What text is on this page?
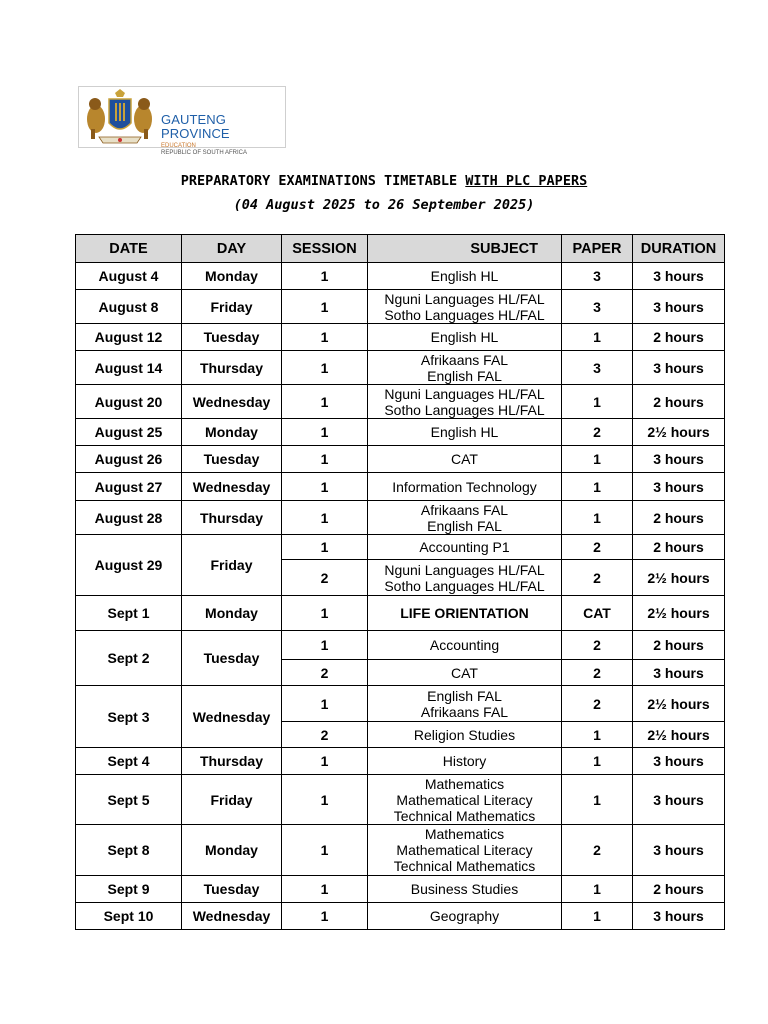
GAUTENG PROVINCE
EDUCATION
REPUBLIC OF SOUTH AFRICA
PREPARATORY EXAMINATIONS TIMETABLE WITH PLC PAPERS
(04 August 2025 to 26 September 2025)
DATE	DAY	SESSION	SUBJECT	PAPER	DURATION
August 4	Monday	1	English HL	3	3 hours
August 8	Friday	1	Nguni Languages HL/FAL
Sotho Languages HL/FAL	3	3 hours
August 12	Tuesday	1	English HL	1	2 hours
August 14	Thursday	1	Afrikaans FAL
English FAL	3	3 hours
August 20	Wednesday	1	Nguni Languages HL/FAL
Sotho Languages HL/FAL	1	2 hours
August 25	Monday	1	English HL	2	2½ hours
August 26	Tuesday	1	CAT	1	3 hours
August 27	Wednesday	1	Information Technology	1	3 hours
August 28	Thursday	1	Afrikaans FAL
English FAL	1	2 hours
August 29	Friday	1	Accounting P1	2	2 hours
		2	Nguni Languages HL/FAL
Sotho Languages HL/FAL	2	2½ hours
Sept 1	Monday	1	LIFE ORIENTATION	CAT	2½ hours
Sept 2	Tuesday	1	Accounting	2	2 hours
		2	CAT	2	3 hours
Sept 3	Wednesday	1	English FAL
Afrikaans FAL	2	2½ hours
		2	Religion Studies	1	2½ hours
Sept 4	Thursday	1	History	1	3 hours
Sept 5	Friday	1	Mathematics
Mathematical Literacy
Technical Mathematics	1	3 hours
Sept 8	Monday	1	Mathematics
Mathematical Literacy
Technical Mathematics	2	3 hours
Sept 9	Tuesday	1	Business Studies	1	2 hours
Sept 10	Wednesday	1	Geography	1	3 hours
